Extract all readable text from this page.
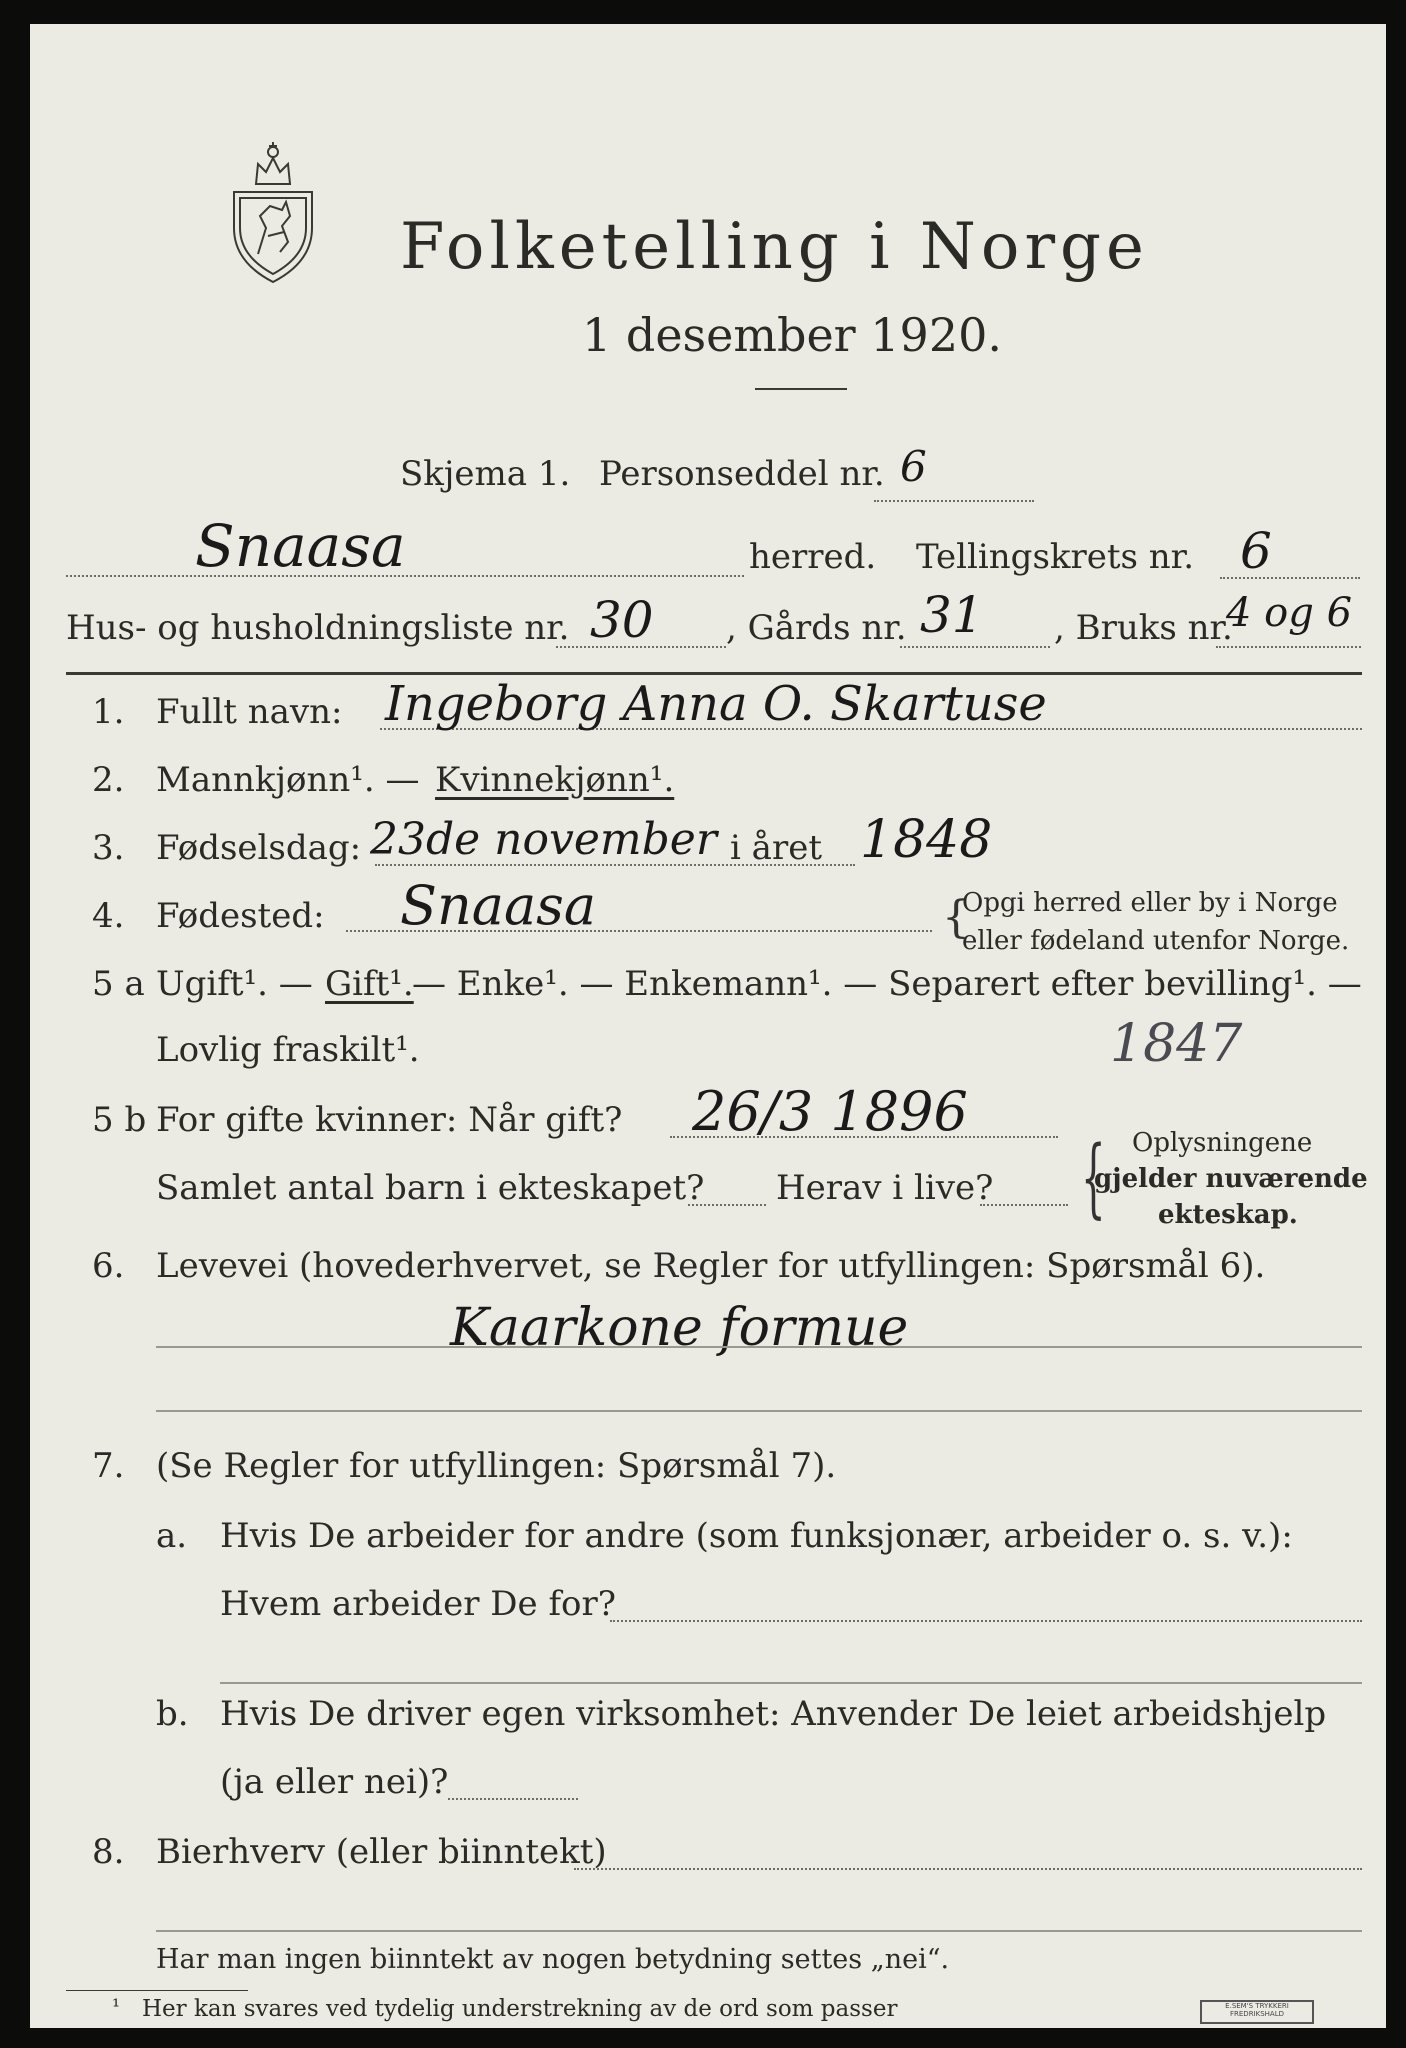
Folketelling i Norge
1 desember 1920.
Skjema 1. Personseddel nr. 6
Snaasa	herred. Tellingskrets nr. 6
Hus- og husholdningsliste nr. 30 , Gårds nr. 31 , Bruks nr.
4 og 6
1. Fullt navn: Ingeborg Anna O. Skartuse
2. Mannkjønn¹. — Kvinnekjønn¹.
3. Fødselsdag: 23de november i året 1848
4. Fødested: Snaasa	{
Opgi herred eller by i Norge
eller fødeland utenfor Norge.
5 a Ugift¹. — Gift¹.
— Enke¹. — Enkemann¹. — Separert efter bevilling¹. —
Lovlig fraskilt¹.	1847
5 b For gifte kvinner: Når gift? 26/3 1896
Samlet antal barn i ekteskapet? Herav i live? { Oplysningene
gjelder nuværende
ekteskap.
6. Levevei (hovederhvervet, se Regler for utfyllingen: Spørsmål 6).
Kaarkone formue
7. (Se Regler for utfyllingen: Spørsmål 7).
a. Hvis De arbeider for andre (som funksjonær, arbeider o. s. v.):
Hvem arbeider De for?
b. Hvis De driver egen virksomhet: Anvender De leiet arbeidshjelp
(ja eller nei)?
8. Bierhverv (eller biinntekt)
Har man ingen biinntekt av nogen betydning settes „nei“.
¹ Her kan svares ved tydelig understrekning av de ord som passer	E.SEM'S TRYKKERI FREDRIKSHALD
